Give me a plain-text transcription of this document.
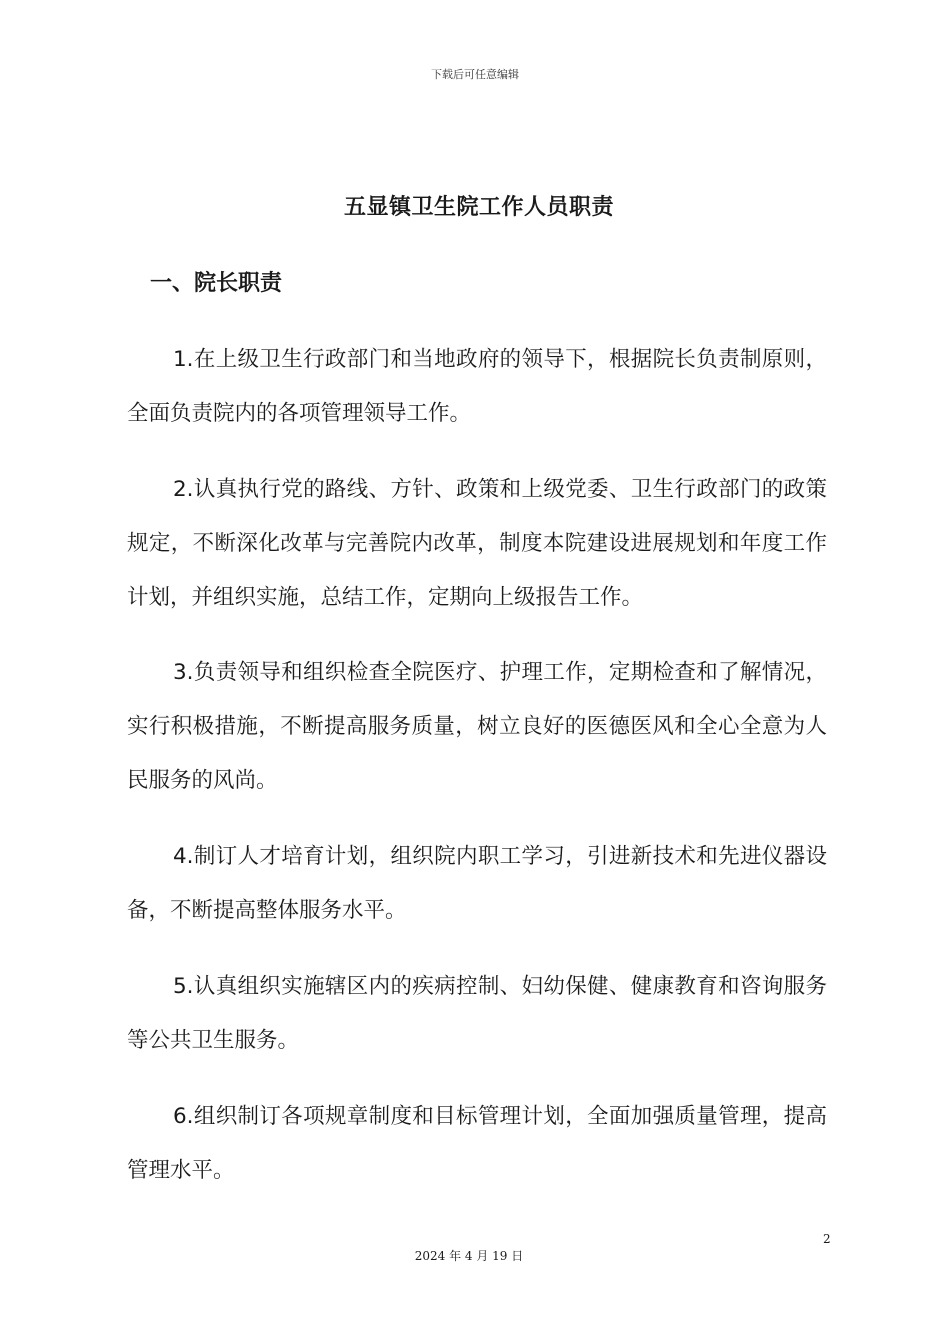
下载后可任意编辑
五显镇卫生院工作人员职责
一、院长职责

1.在上级卫生行政部门和当地政府的领导下，根据院长负责制原则，全面负责院内的各项管理领导工作。

2.认真执行党的路线、方针、政策和上级党委、卫生行政部门的政策规定，不断深化改革与完善院内改革，制度本院建设进展规划和年度工作计划，并组织实施，总结工作，定期向上级报告工作。

3.负责领导和组织检查全院医疗、护理工作，定期检查和了解情况，实行积极措施，不断提高服务质量，树立良好的医德医风和全心全意为人民服务的风尚。

4.制订人才培育计划，组织院内职工学习，引进新技术和先进仪器设备，不断提高整体服务水平。

5.认真组织实施辖区内的疾病控制、妇幼保健、健康教育和咨询服务等公共卫生服务。

6.组织制订各项规章制度和目标管理计划，全面加强质量管理，提高管理水平。

2
2024 年 4 月 19 日
